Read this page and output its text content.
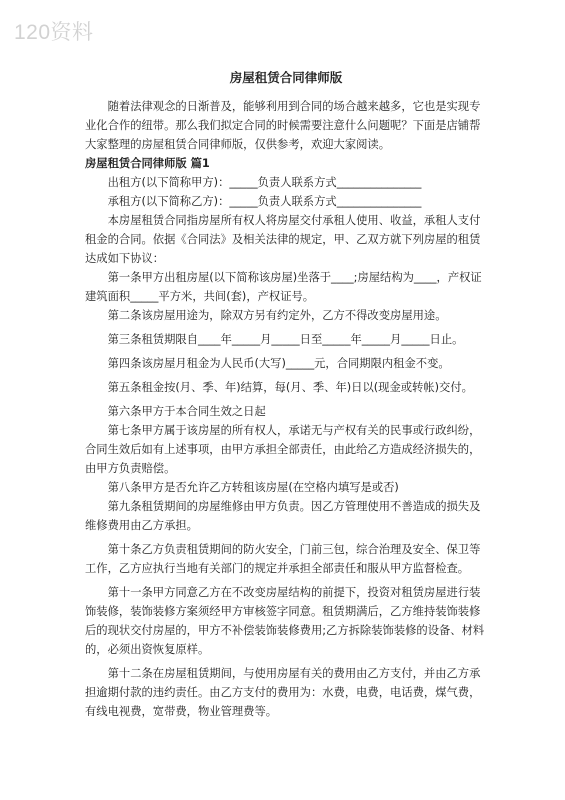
120资料
房屋租赁合同律师版

随着法律观念的日渐普及，能够利用到合同的场合越来越多，它也是实现专业化合作的纽带。那么我们拟定合同的时候需要注意什么问题呢？下面是店铺帮大家整理的房屋租赁合同律师版，仅供参考，欢迎大家阅读。

房屋租赁合同律师版 篇1

出租方(以下简称甲方)：_____负责人联系方式_______________

承租方(以下简称乙方)：_____负责人联系方式_______________

本房屋租赁合同指房屋所有权人将房屋交付承租人使用、收益，承租人支付租金的合同。依据《合同法》及相关法律的规定，甲、乙双方就下列房屋的租赁达成如下协议：

第一条甲方出租房屋(以下简称该房屋)坐落于____;房屋结构为____，产权证建筑面积_____平方米，共间(套)，产权证号。

第二条该房屋用途为，除双方另有约定外，乙方不得改变房屋用途。

第三条租赁期限自____年_____月_____日至_____年_____月_____日止。

第四条该房屋月租金为人民币(大写)_____元，合同期限内租金不变。

第五条租金按(月、季、年)结算，每(月、季、年)日以(现金或转帐)交付。

第六条甲方于本合同生效之日起

第七条甲方属于该房屋的所有权人，承诺无与产权有关的民事或行政纠纷，合同生效后如有上述事项，由甲方承担全部责任，由此给乙方造成经济损失的，由甲方负责赔偿。

第八条甲方是否允许乙方转租该房屋(在空格内填写是或否)

第九条租赁期间的房屋维修由甲方负责。因乙方管理使用不善造成的损失及维修费用由乙方承担。

第十条乙方负责租赁期间的防火安全，门前三包，综合治理及安全、保卫等工作，乙方应执行当地有关部门的规定并承担全部责任和服从甲方监督检查。

第十一条甲方同意乙方在不改变房屋结构的前提下，投资对租赁房屋进行装饰装修，装饰装修方案须经甲方审核签字同意。租赁期满后，乙方维持装饰装修后的现状交付房屋的，甲方不补偿装饰装修费用;乙方拆除装饰装修的设备、材料的，必须出资恢复原样。

第十二条在房屋租赁期间，与使用房屋有关的费用由乙方支付，并由乙方承担逾期付款的违约责任。由乙方支付的费用为：水费，电费，电话费，煤气费，有线电视费，宽带费，物业管理费等。
